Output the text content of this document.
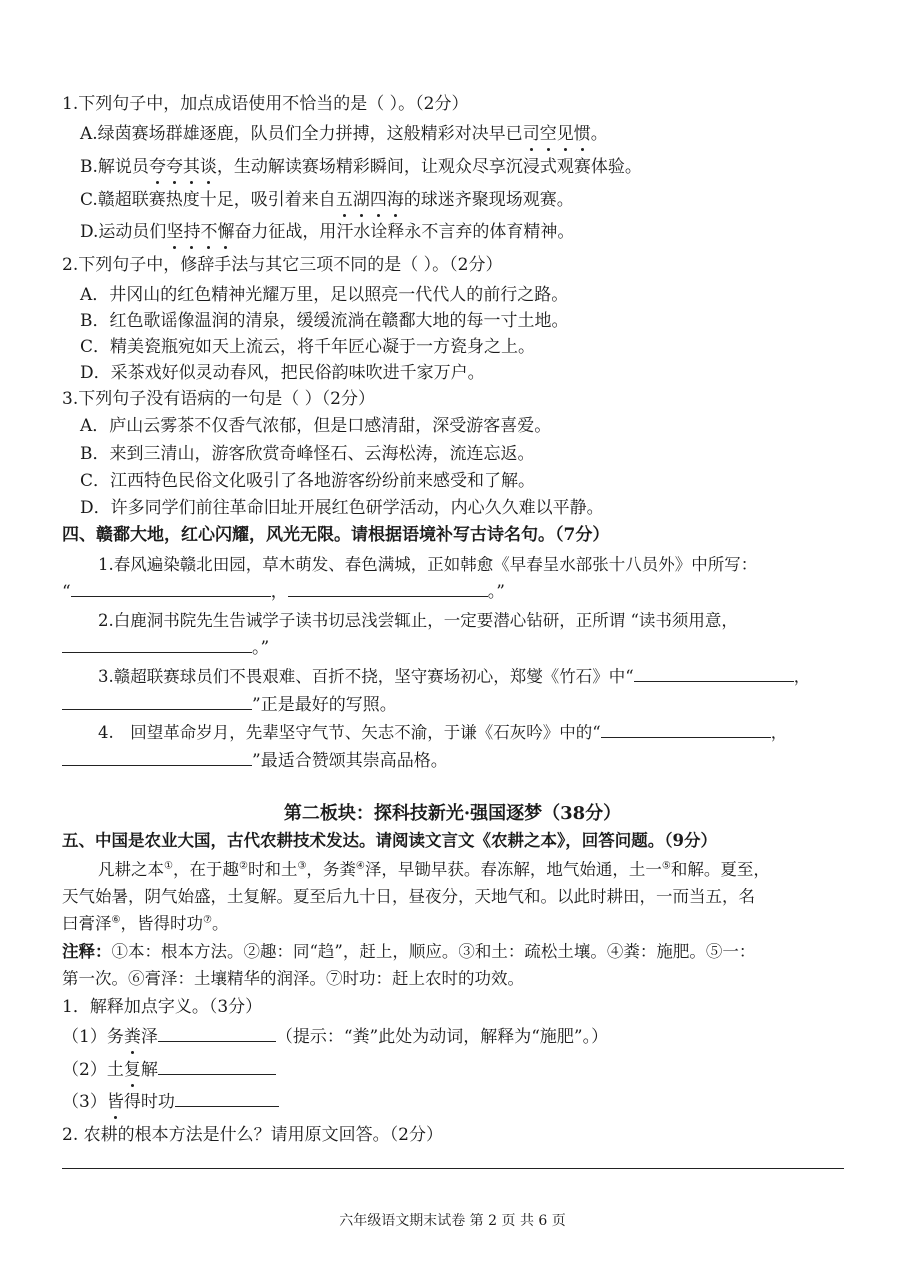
1.下列句子中，加点成语使用不恰当的是（ ）。（2分）
A.绿茵赛场群雄逐鹿，队员们全力拼搏，这般精彩对决早已司空见惯。
B.解说员夸夸其谈，生动解读赛场精彩瞬间，让观众尽享沉浸式观赛体验。
C.赣超联赛热度十足，吸引着来自五湖四海的球迷齐聚现场观赛。
D.运动员们坚持不懈奋力征战，用汗水诠释永不言弃的体育精神。
2.下列句子中，修辞手法与其它三项不同的是（ ）。（2分）
A．井冈山的红色精神光耀万里，足以照亮一代代人的前行之路。
B．红色歌谣像温润的清泉，缓缓流淌在赣鄱大地的每一寸土地。
C．精美瓷瓶宛如天上流云，将千年匠心凝于一方瓷身之上。
D．采茶戏好似灵动春风，把民俗韵味吹进千家万户。
3.下列句子没有语病的一句是（ ）（2分）
A．庐山云雾茶不仅香气浓郁，但是口感清甜，深受游客喜爱。
B．来到三清山，游客欣赏奇峰怪石、云海松涛，流连忘返。
C．江西特色民俗文化吸引了各地游客纷纷前来感受和了解。
D．许多同学们前往革命旧址开展红色研学活动，内心久久难以平静。
四、赣鄱大地，红心闪耀，风光无限。请根据语境补写古诗名句。（7分）
1.春风遍染赣北田园，草木萌发、春色满城，正如韩愈《早春呈水部张十八员外》中所写：
“	，	。”
2.白鹿洞书院先生告诫学子读书切忌浅尝辄止，一定要潜心钻研，正所谓 “读书须用意，
。”
3.赣超联赛球员们不畏艰难、百折不挠，坚守赛场初心，郑燮《竹石》中“	，
”正是最好的写照。
4.　回望革命岁月，先辈坚守气节、矢志不渝，于谦《石灰吟》中的“	，
”最适合赞颂其崇高品格。
第二板块：探科技新光·强国逐梦（38分）
五、中国是农业大国，古代农耕技术发达。请阅读文言文《农耕之本》，回答问题。（9分）
凡耕之本①，在于趣②时和土③，务粪④泽，早锄早获。春冻解，地气始通，土一⑤和解。夏至，
天气始暑，阴气始盛，土复解。夏至后九十日，昼夜分，天地气和。以此时耕田，一而当五，名
曰膏泽⑥，皆得时功⑦。
注释：①本：根本方法。②趣：同“趋”，赶上，顺应。③和土：疏松土壤。④粪：施肥。⑤一：
第一次。⑥膏泽：土壤精华的润泽。⑦时功：赶上农时的功效。
1．解释加点字义。（3分）
（1）务粪泽	（提示：“粪”此处为动词，解释为“施肥”。）
（2）土复解
（3）皆得时功
2. 农耕的根本方法是什么？请用原文回答。（2分）
六年级语文期末试卷 第 2 页 共 6 页
